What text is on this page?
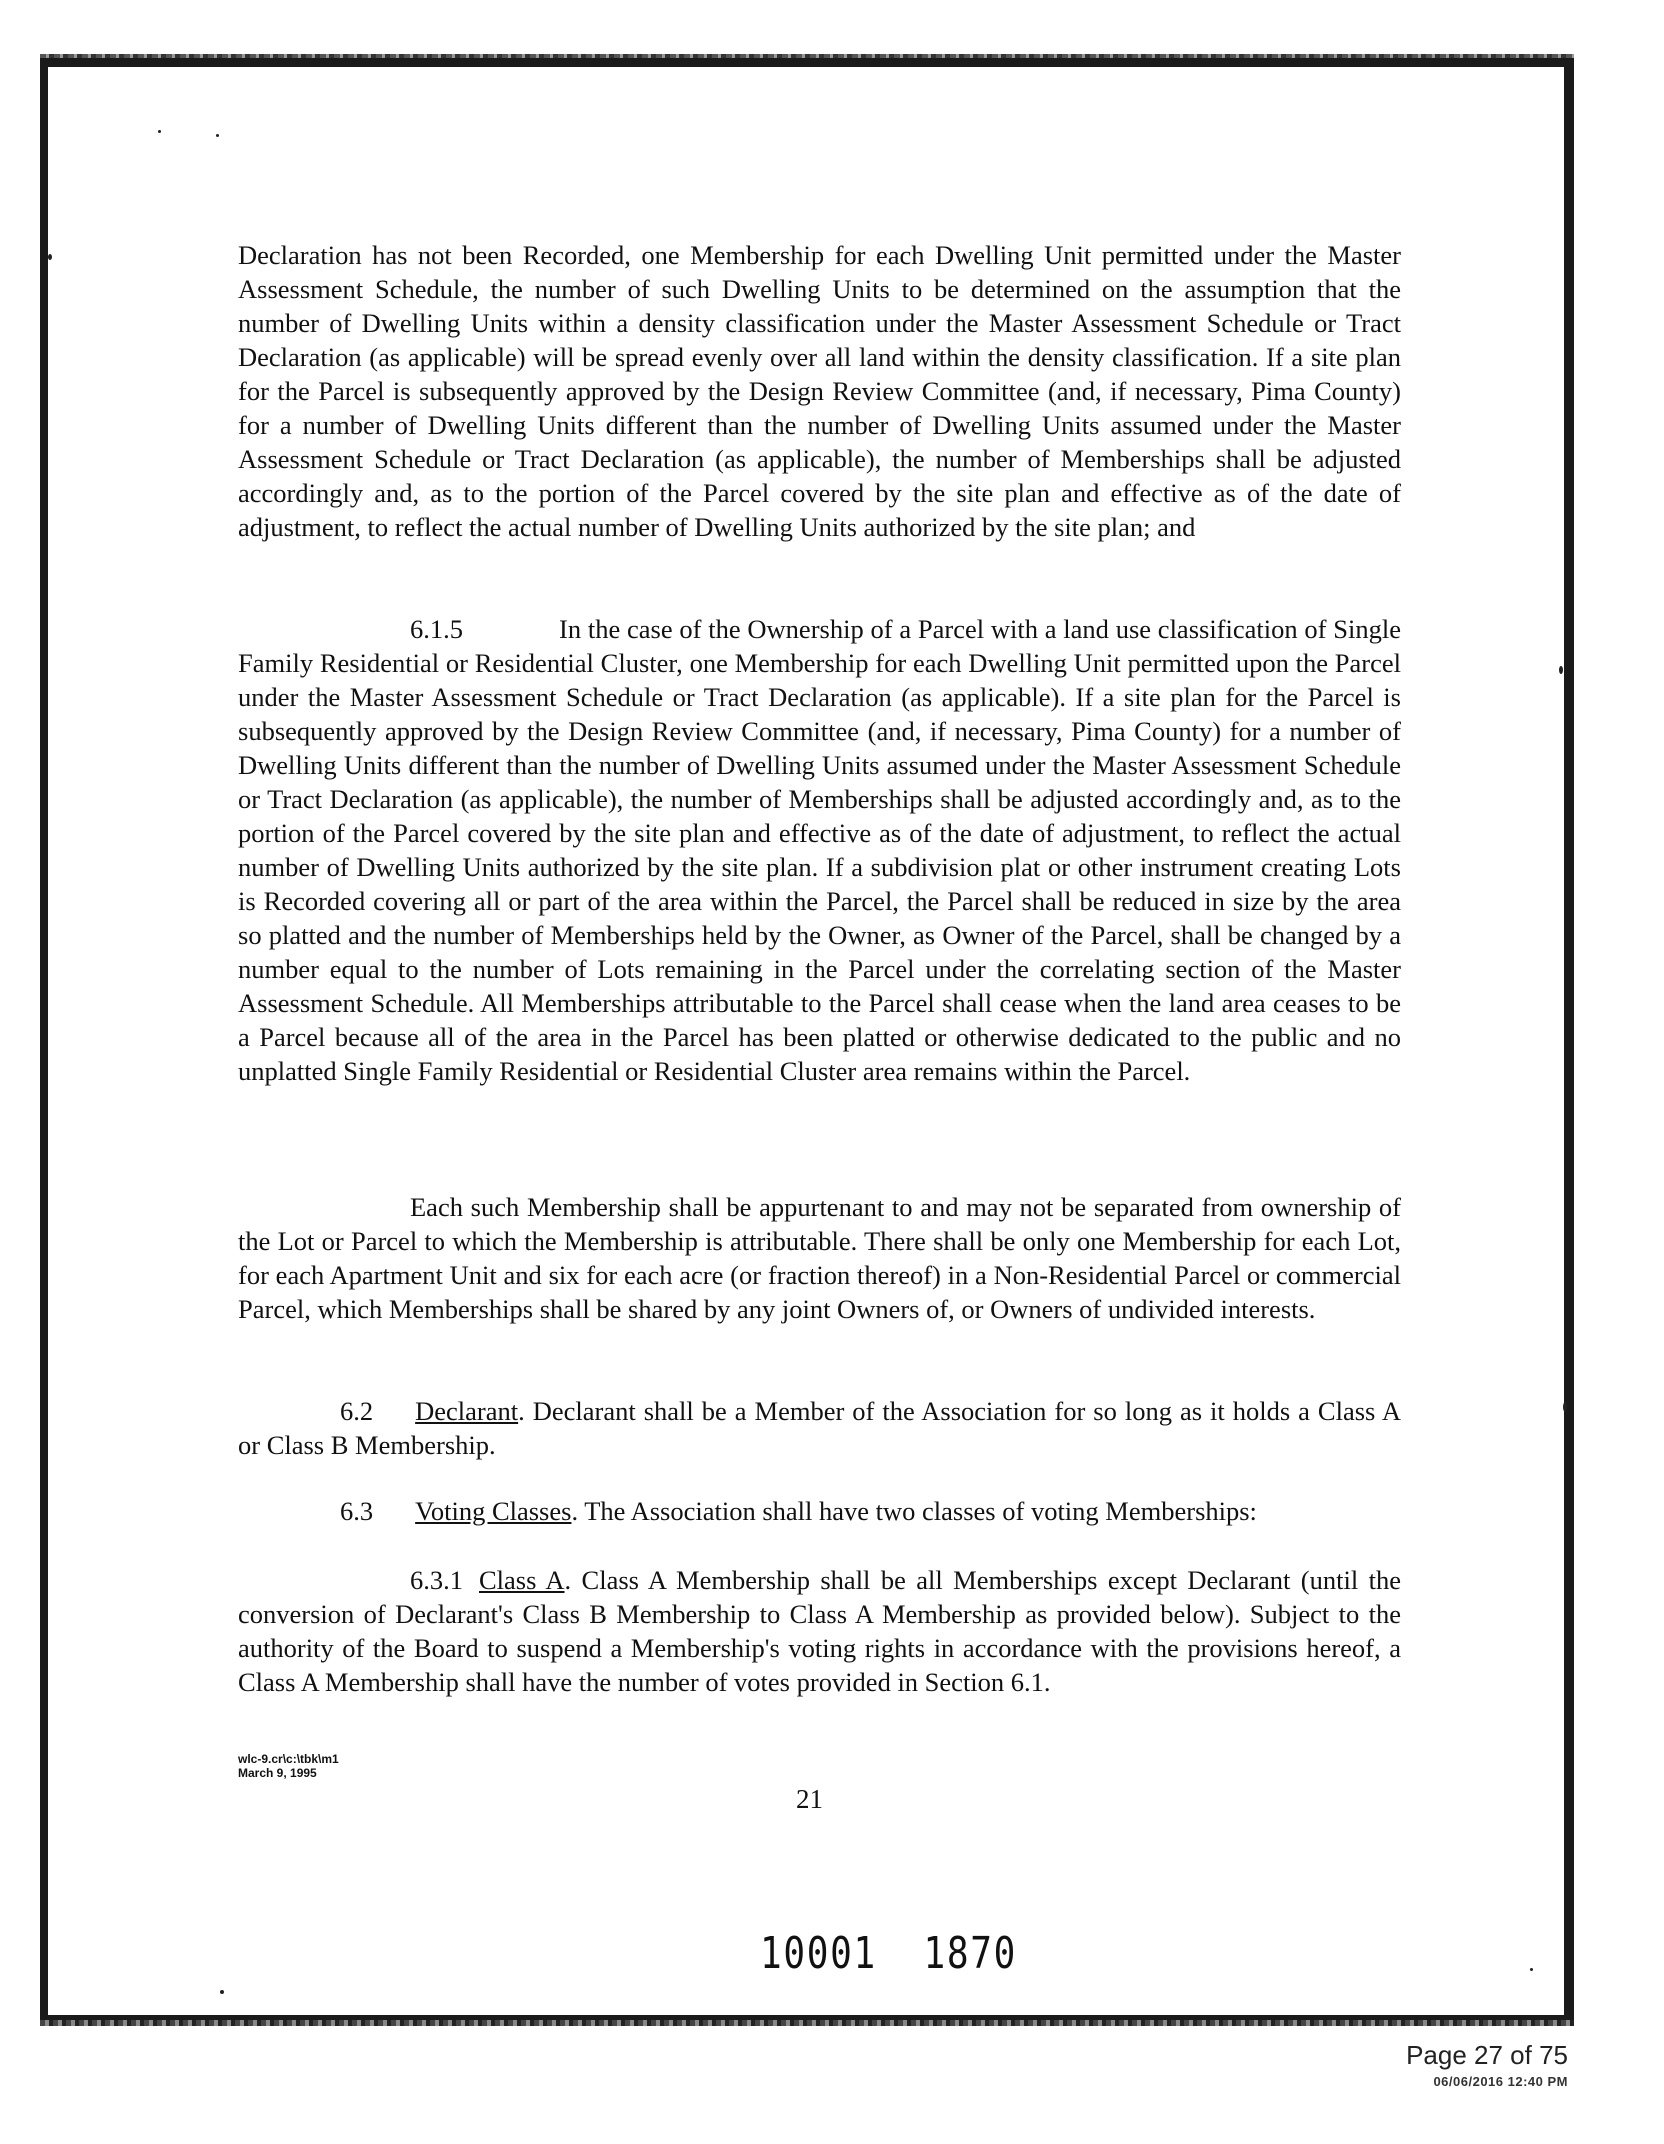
Declaration has not been Recorded, one Membership for each Dwelling Unit permitted under the Master Assessment Schedule, the number of such Dwelling Units to be determined on the assumption that the number of Dwelling Units within a density classification under the Master Assessment Schedule or Tract Declaration (as applicable) will be spread evenly over all land within the density classification. If a site plan for the Parcel is subsequently approved by the Design Review Committee (and, if necessary, Pima County) for a number of Dwelling Units different than the number of Dwelling Units assumed under the Master Assessment Schedule or Tract Declaration (as applicable), the number of Memberships shall be adjusted accordingly and, as to the portion of the Parcel covered by the site plan and effective as of the date of adjustment, to reflect the actual number of Dwelling Units authorized by the site plan; and

6.1.5	In the case of the Ownership of a Parcel with a land use classification of Single Family Residential or Residential Cluster, one Membership for each Dwelling Unit permitted upon the Parcel under the Master Assessment Schedule or Tract Declaration (as applicable). If a site plan for the Parcel is subsequently approved by the Design Review Committee (and, if necessary, Pima County) for a number of Dwelling Units different than the number of Dwelling Units assumed under the Master Assessment Schedule or Tract Declaration (as applicable), the number of Memberships shall be adjusted accordingly and, as to the portion of the Parcel covered by the site plan and effective as of the date of adjustment, to reflect the actual number of Dwelling Units authorized by the site plan. If a subdivision plat or other instrument creating Lots is Recorded covering all or part of the area within the Parcel, the Parcel shall be reduced in size by the area so platted and the number of Memberships held by the Owner, as Owner of the Parcel, shall be changed by a number equal to the number of Lots remaining in the Parcel under the correlating section of the Master Assessment Schedule. All Memberships attributable to the Parcel shall cease when the land area ceases to be a Parcel because all of the area in the Parcel has been platted or otherwise dedicated to the public and no unplatted Single Family Residential or Residential Cluster area remains within the Parcel.

Each such Membership shall be appurtenant to and may not be separated from ownership of the Lot or Parcel to which the Membership is attributable. There shall be only one Membership for each Lot, for each Apartment Unit and six for each acre (or fraction thereof) in a Non-Residential Parcel or commercial Parcel, which Memberships shall be shared by any joint Owners of, or Owners of undivided interests.

6.2 Declarant. Declarant shall be a Member of the Association for so long as it holds a Class A or Class B Membership.

6.3 Voting Classes. The Association shall have two classes of voting Memberships:

6.3.1 Class A. Class A Membership shall be all Memberships except Declarant (until the conversion of Declarant's Class B Membership to Class A Membership as provided below). Subject to the authority of the Board to suspend a Membership's voting rights in accordance with the provisions hereof, a Class A Membership shall have the number of votes provided in Section 6.1.

wlc-9.cr\c:\tbk\m1
March 9, 1995
21
10001  1870
Page 27 of 75
06/06/2016 12:40 PM
